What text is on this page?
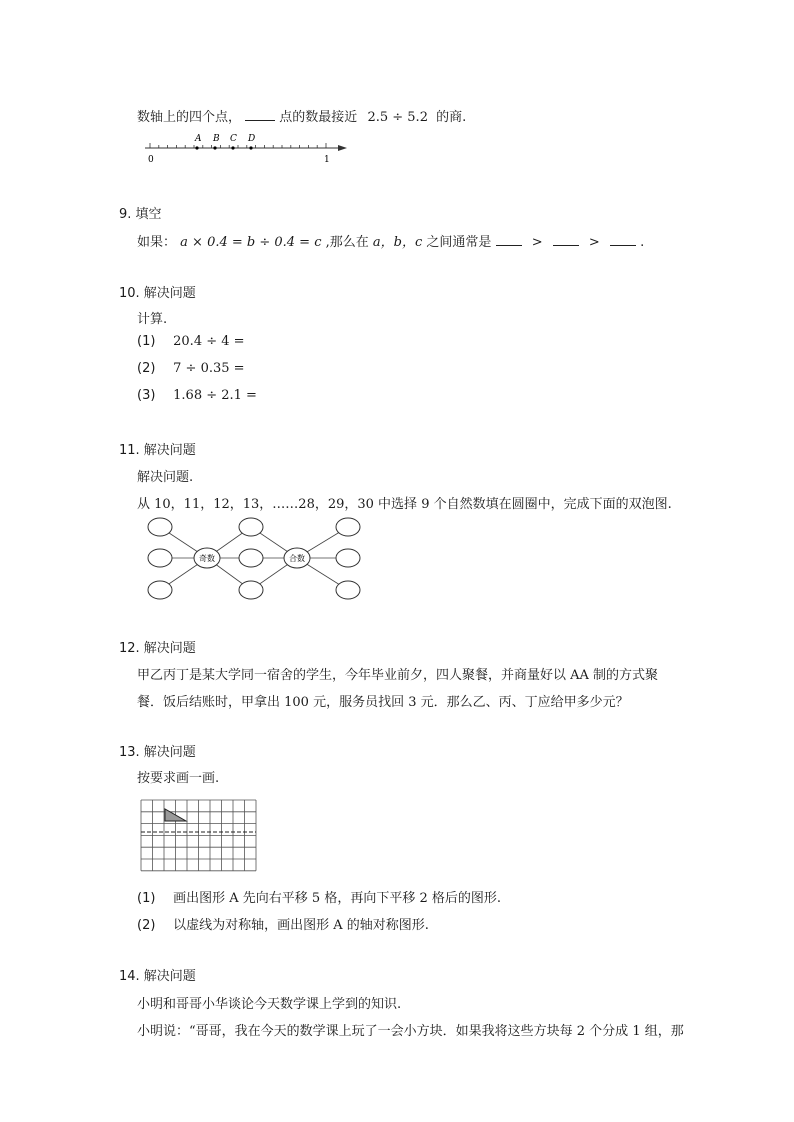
数轴上的四个点，	点的数最接近 2.5 ÷ 5.2 的商.
A B C D
0	1
9. 填空
如果： a × 0.4 = b ÷ 0.4 = c ,那么在 a，b，c 之间通常是	>	>	.
10. 解决问题
计算.
(1) 20.4 ÷ 4 =
(2) 7 ÷ 0.35 =
(3) 1.68 ÷ 2.1 =
11. 解决问题
解决问题.
从 10，11，12，13，……28，29，30 中选择 9 个自然数填在圆圈中，完成下面的双泡图.
奇数	合数
12. 解决问题
甲乙丙丁是某大学同一宿舍的学生，今年毕业前夕，四人聚餐，并商量好以 AA 制的方式聚
餐．饭后结账时，甲拿出 100 元，服务员找回 3 元．那么乙、丙、丁应给甲多少元？
13. 解决问题
按要求画一画.
(1) 画出图形 A 先向右平移 5 格，再向下平移 2 格后的图形.
(2) 以虚线为对称轴，画出图形 A 的轴对称图形.
14. 解决问题
小明和哥哥小华谈论今天数学课上学到的知识.
小明说：“哥哥，我在今天的数学课上玩了一会小方块．如果我将这些方块每 2 个分成 1 组，那
